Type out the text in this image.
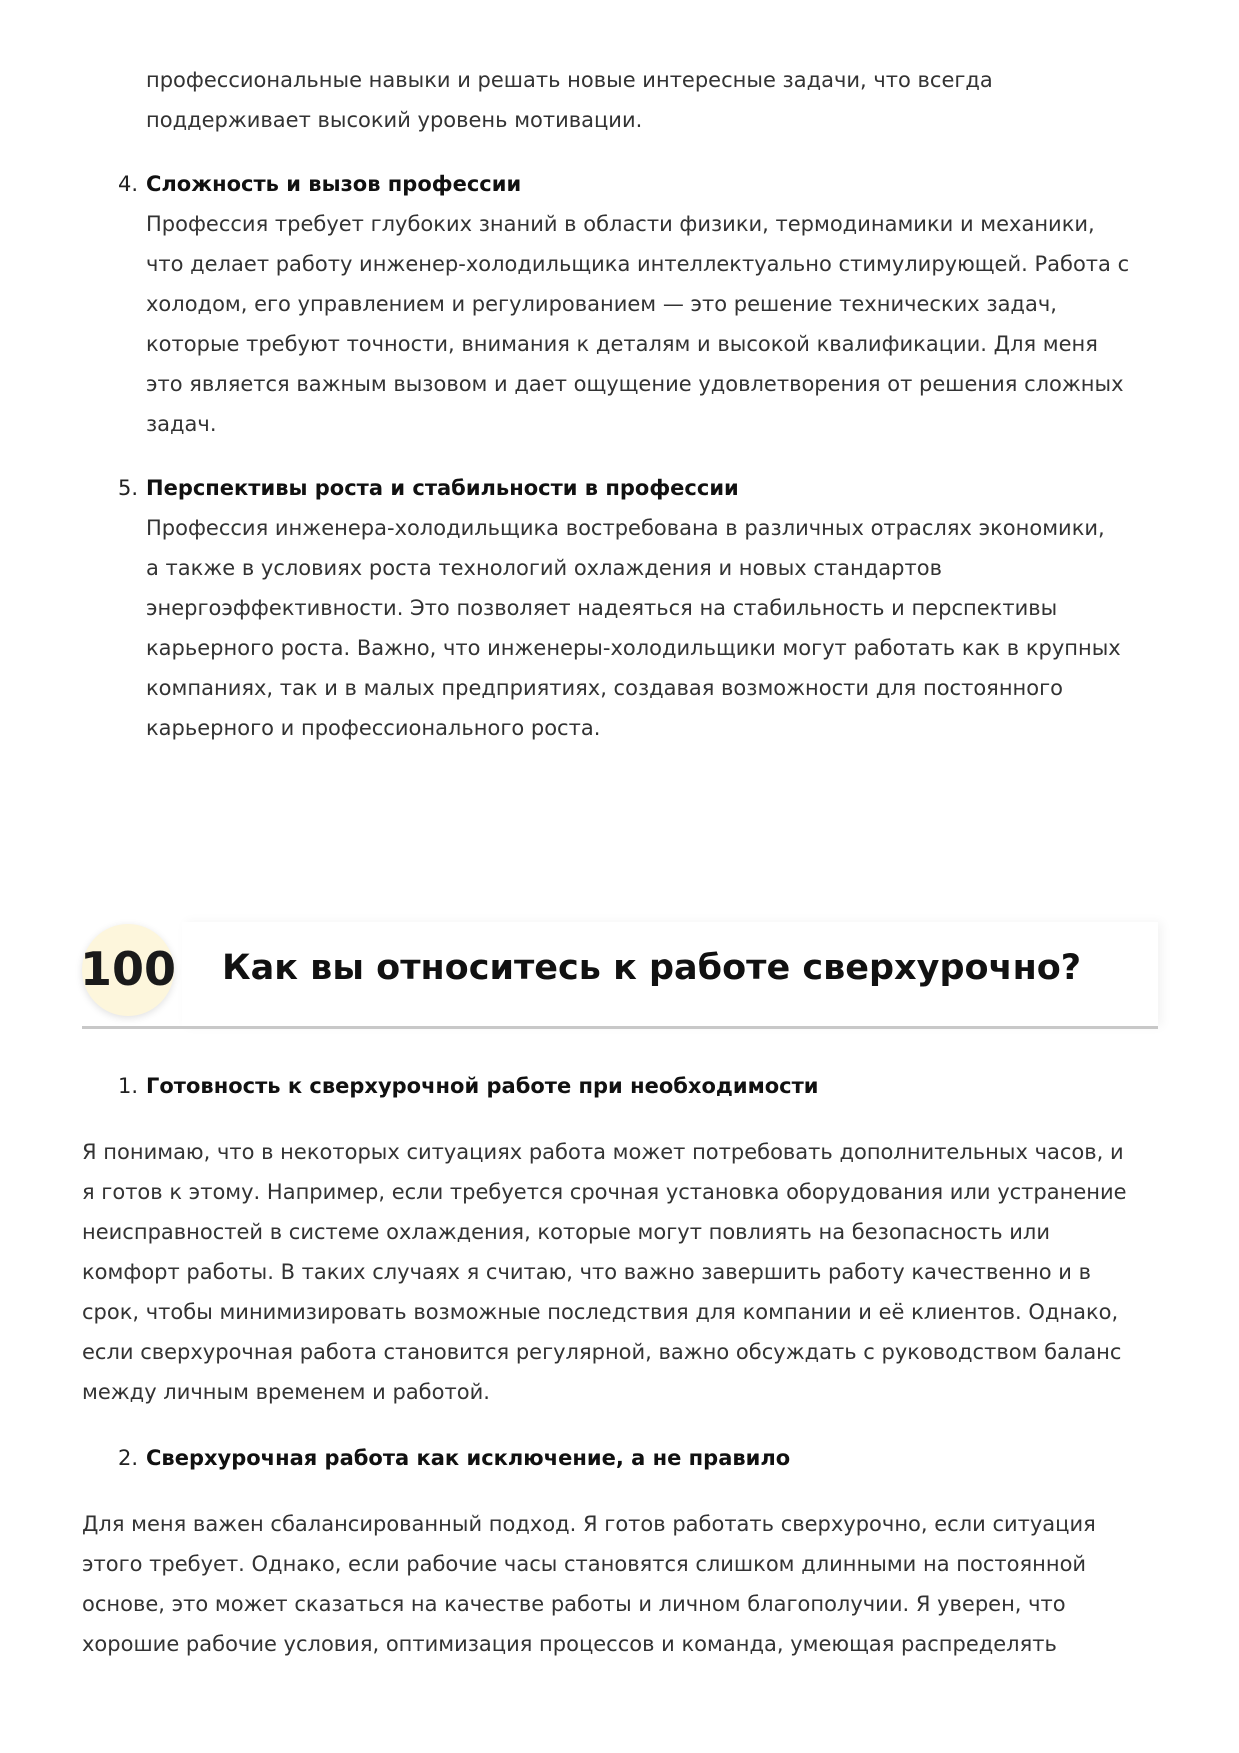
профессиональные навыки и решать новые интересные задачи, что всегда
поддерживает высокий уровень мотивации.
4. Сложность и вызов профессии
Профессия требует глубоких знаний в области физики, термодинамики и механики,
что делает работу инженер-холодильщика интеллектуально стимулирующей. Работа с
холодом, его управлением и регулированием — это решение технических задач,
которые требуют точности, внимания к деталям и высокой квалификации. Для меня
это является важным вызовом и дает ощущение удовлетворения от решения сложных
задач.
5. Перспективы роста и стабильности в профессии
Профессия инженера-холодильщика востребована в различных отраслях экономики,
а также в условиях роста технологий охлаждения и новых стандартов
энергоэффективности. Это позволяет надеяться на стабильность и перспективы
карьерного роста. Важно, что инженеры-холодильщики могут работать как в крупных
компаниях, так и в малых предприятиях, создавая возможности для постоянного
карьерного и профессионального роста.
100 Как вы относитесь к работе сверхурочно?
1. Готовность к сверхурочной работе при необходимости
Я понимаю, что в некоторых ситуациях работа может потребовать дополнительных часов, и
я готов к этому. Например, если требуется срочная установка оборудования или устранение
неисправностей в системе охлаждения, которые могут повлиять на безопасность или
комфорт работы. В таких случаях я считаю, что важно завершить работу качественно и в
срок, чтобы минимизировать возможные последствия для компании и её клиентов. Однако,
если сверхурочная работа становится регулярной, важно обсуждать с руководством баланс
между личным временем и работой.
2. Сверхурочная работа как исключение, а не правило
Для меня важен сбалансированный подход. Я готов работать сверхурочно, если ситуация
этого требует. Однако, если рабочие часы становятся слишком длинными на постоянной
основе, это может сказаться на качестве работы и личном благополучии. Я уверен, что
хорошие рабочие условия, оптимизация процессов и команда, умеющая распределять
